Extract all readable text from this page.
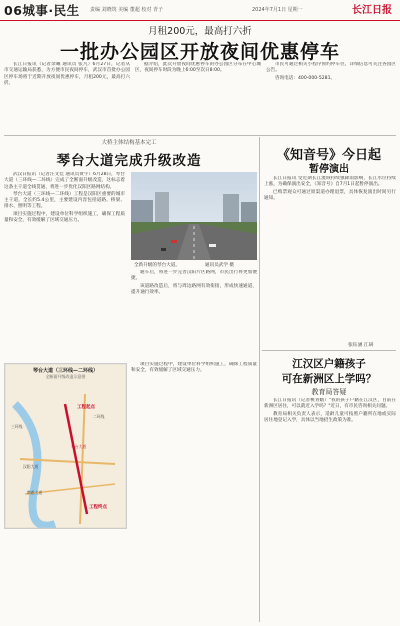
06城事·民生 责编 刘晓筑 美编 董超 校对 青子	2024年7月1日 星期一	长江日报
月租200元，最高打六折
一批办公园区开放夜间优惠停车

长江日报讯（记者余曦 通讯员 张凡）6月27日，记者从市交通运输局获悉，为方便市民夜间停车，武汉市首批办公园区停车场将于近期开放夜间优惠停车，月租200元，最高打六折。

据介绍，此次开放夜间优惠停车的办公园区分布在中心城区，夜间停车时段为晚上6:00至次日8:00。

市民可通过相关小程序预约停车位，详细信息可关注各园区公告。

咨询电话：400-000-5281。

大桥主体结构基本完工
琴台大道完成升级改造

武汉日报讯（记者汪文佳 通讯员黄宇）6月28日，琴台大道（三环线—二环线）完成了全断面升级改造，这标志着这条主干道全线贯通，将进一步优化汉阳区路网结构。

琴台大道（三环线—二环线）工程是汉阳区重要的城市主干道，全长约5.4公里，主要建设内容包括道路、桥梁、排水、照明等工程。

项目实施过程中，建设单位科学组织施工，确保工程质量和安全，有效缓解了区域交通压力。

全新升级的琴台大道。	通讯员武学 摄

通车后，将进一步完善汉阳片区路网，市民出行将更加便捷。

该道路改造后，将与周边路网有效衔接，形成快速通道，提升通行效率。

琴台大道（三环线—二环线）
全断面升级改造示意图
三环线
二环线
琴台大道
汉阳大道
鹦鹉大道
工程起点
工程终点

项目实施过程中，建设单位科学组织施工，确保工程质量和安全，有效缓解了区域交通压力。

《知音号》今日起
暂停演出

长江日报讯 受近期长江流域持续强降雨影响，长江水位持续上涨，为确保演出安全，《知音号》自7月1日起暂停演出。

已购票观众可通过原渠道办理退票，具体恢复演出时间另行通知。

张钰涵 江研
江汉区户籍孩子
可在新洲区上学吗？
教育局答疑

长江日报讯（记者桃青娥）"我的孩子户籍在江汉区，目前在新洲区居住，可以就近入学吗？"近日，有市民咨询相关问题。

教育局相关负责人表示，适龄儿童可按照户籍所在地或实际居住地登记入学，具体以当地招生政策为准。
